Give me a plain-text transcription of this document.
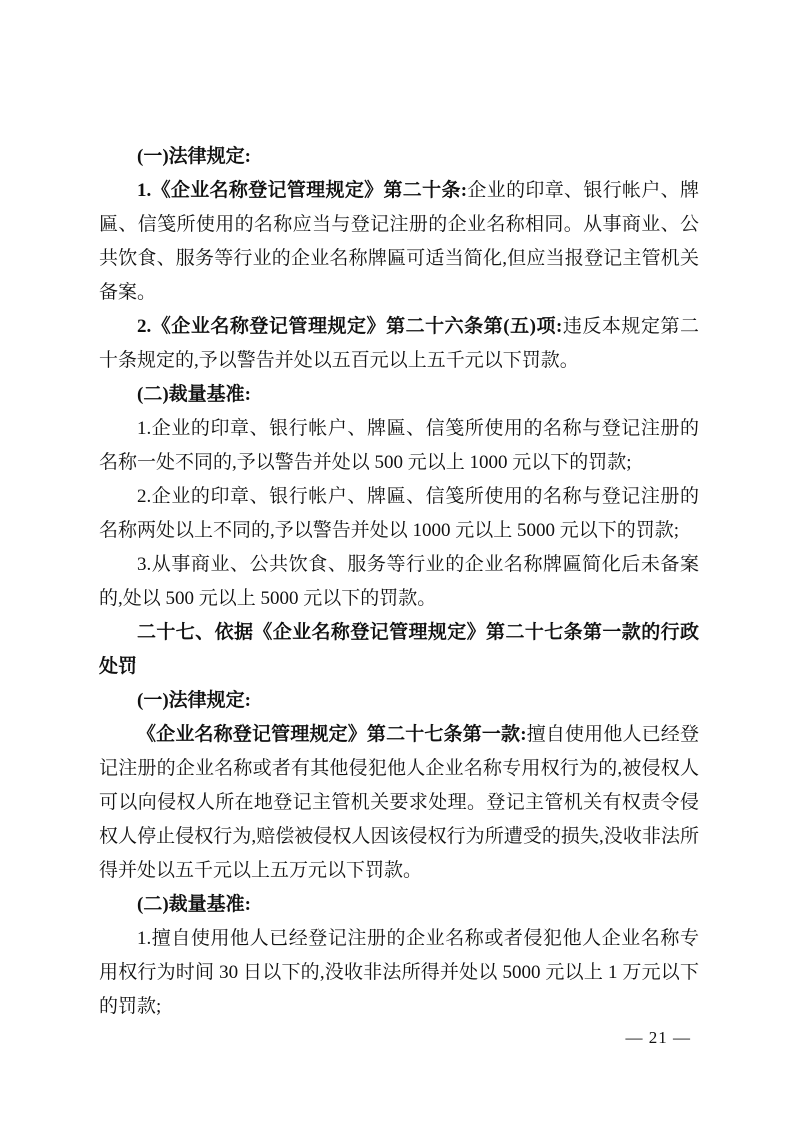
(一)法律规定:

1.《企业名称登记管理规定》第二十条:企业的印章、银行帐户、牌匾、信笺所使用的名称应当与登记注册的企业名称相同。从事商业、公共饮食、服务等行业的企业名称牌匾可适当简化,但应当报登记主管机关备案。

2.《企业名称登记管理规定》第二十六条第(五)项:违反本规定第二十条规定的,予以警告并处以五百元以上五千元以下罚款。

(二)裁量基准:

1.企业的印章、银行帐户、牌匾、信笺所使用的名称与登记注册的名称一处不同的,予以警告并处以 500 元以上 1000 元以下的罚款;

2.企业的印章、银行帐户、牌匾、信笺所使用的名称与登记注册的名称两处以上不同的,予以警告并处以 1000 元以上 5000 元以下的罚款;

3.从事商业、公共饮食、服务等行业的企业名称牌匾简化后未备案的,处以 500 元以上 5000 元以下的罚款。

二十七、依据《企业名称登记管理规定》第二十七条第一款的行政处罚

(一)法律规定:

《企业名称登记管理规定》第二十七条第一款:擅自使用他人已经登记注册的企业名称或者有其他侵犯他人企业名称专用权行为的,被侵权人可以向侵权人所在地登记主管机关要求处理。登记主管机关有权责令侵权人停止侵权行为,赔偿被侵权人因该侵权行为所遭受的损失,没收非法所得并处以五千元以上五万元以下罚款。

(二)裁量基准:

1.擅自使用他人已经登记注册的企业名称或者侵犯他人企业名称专用权行为时间 30 日以下的,没收非法所得并处以 5000 元以上 1 万元以下的罚款;

— 21 —
